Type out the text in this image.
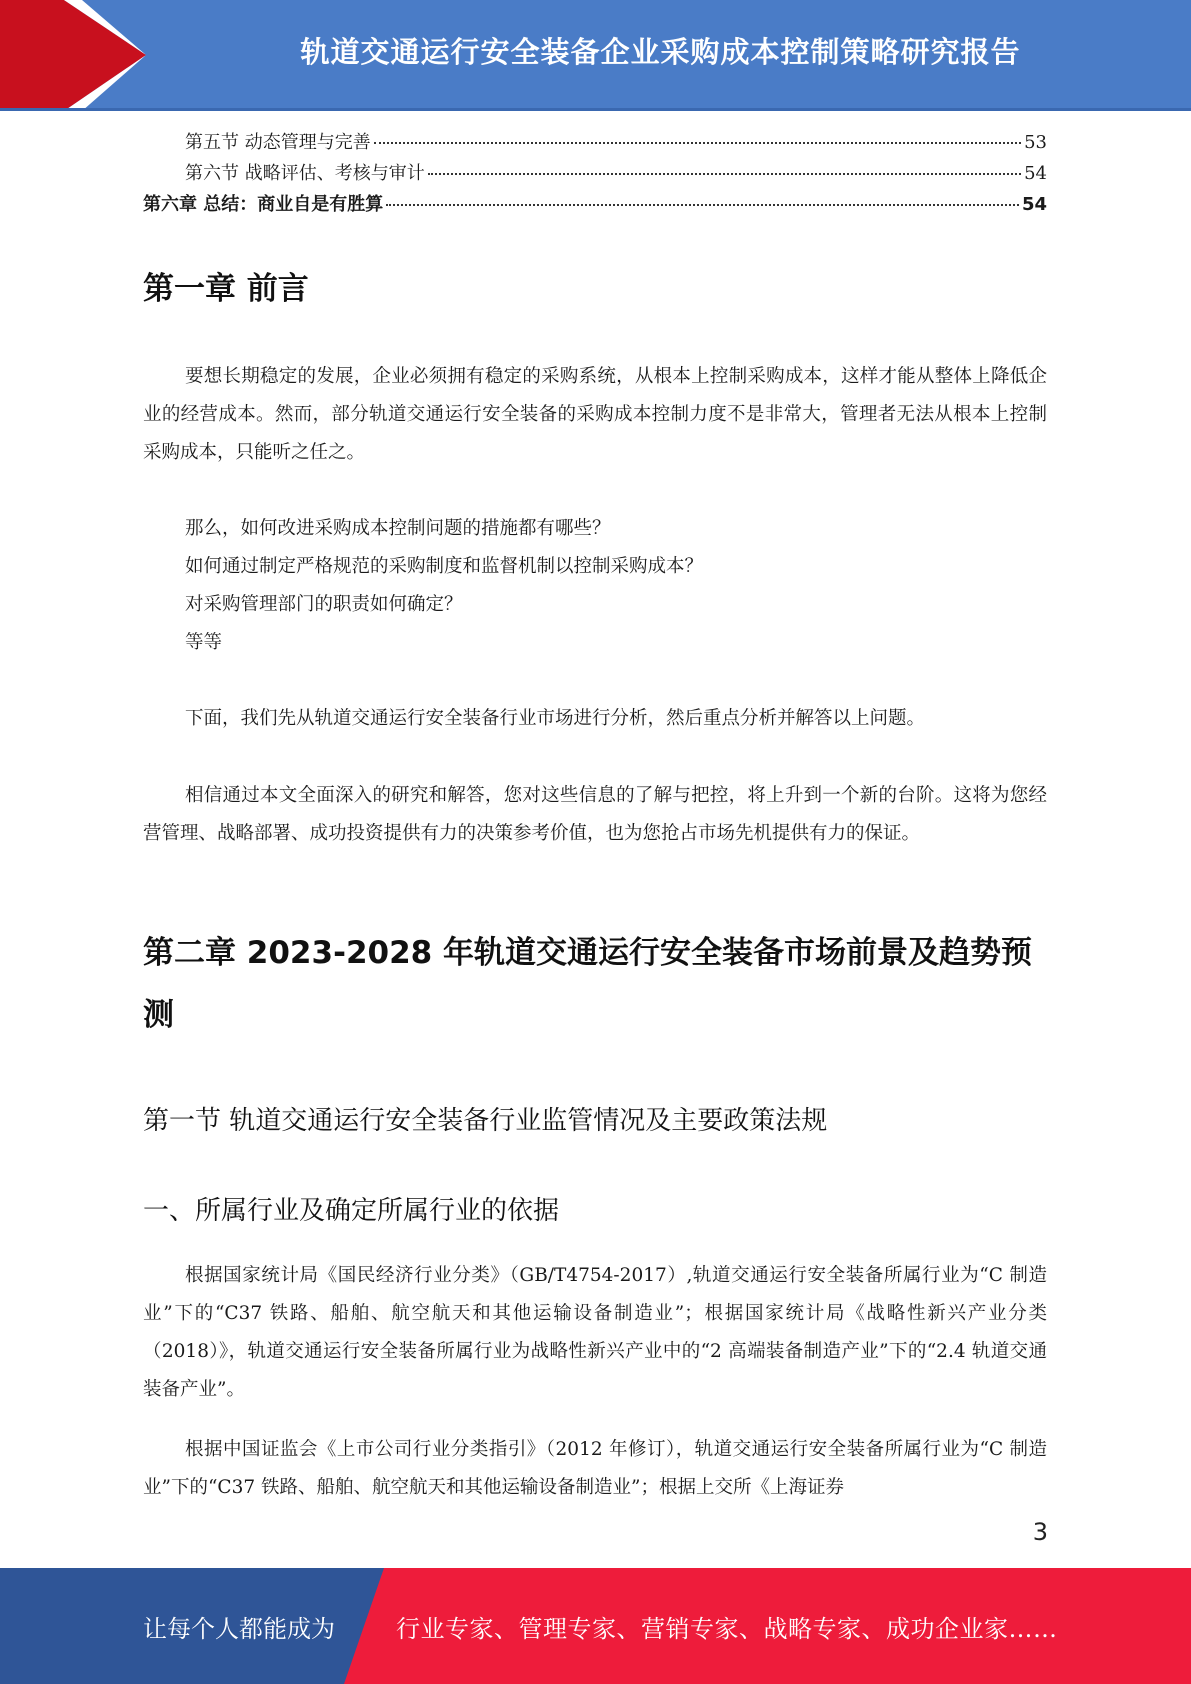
轨道交通运行安全装备企业采购成本控制策略研究报告
第五节 动态管理与完善	53
第六节 战略评估、考核与审计	54
第六章 总结：商业自是有胜算	54
第一章 前言
要想长期稳定的发展，企业必须拥有稳定的采购系统，从根本上控制采购成本，这样才能从整体上降低企业的经营成本。然而，部分轨道交通运行安全装备的采购成本控制力度不是非常大，管理者无法从根本上控制采购成本，只能听之任之。
那么，如何改进采购成本控制问题的措施都有哪些？
如何通过制定严格规范的采购制度和监督机制以控制采购成本？
对采购管理部门的职责如何确定？
等等
下面，我们先从轨道交通运行安全装备行业市场进行分析，然后重点分析并解答以上问题。
相信通过本文全面深入的研究和解答，您对这些信息的了解与把控，将上升到一个新的台阶。这将为您经营管理、战略部署、成功投资提供有力的决策参考价值，也为您抢占市场先机提供有力的保证。
第二章 2023-2028 年轨道交通运行安全装备市场前景及趋势预测
第一节 轨道交通运行安全装备行业监管情况及主要政策法规
一、所属行业及确定所属行业的依据
根据国家统计局《国民经济行业分类》（GB/T4754-2017）,轨道交通运行安全装备所属行业为“C 制造业”下的“C37 铁路、船舶、航空航天和其他运输设备制造业”；根据国家统计局《战略性新兴产业分类（2018）》，轨道交通运行安全装备所属行业为战略性新兴产业中的“2 高端装备制造产业”下的“2.4 轨道交通装备产业”。
根据中国证监会《上市公司行业分类指引》（2012 年修订），轨道交通运行安全装备所属行业为“C 制造业”下的“C37 铁路、船舶、航空航天和其他运输设备制造业”；根据上交所《上海证券
3
让每个人都能成为	行业专家、管理专家、营销专家、战略专家、成功企业家……
